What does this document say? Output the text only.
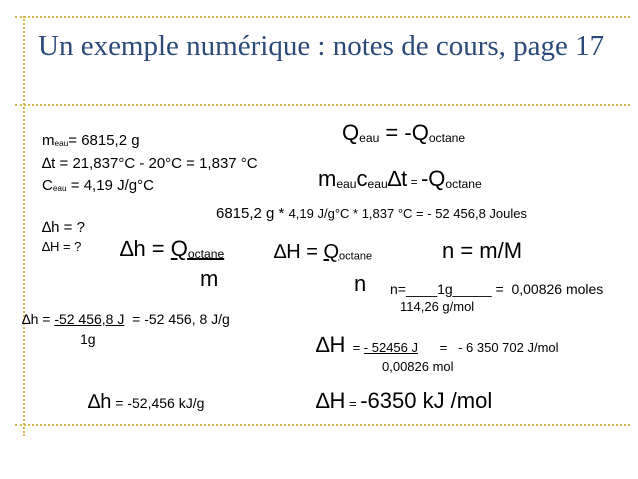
Un exemple numérique : notes de cours, page 17
meau= 6815,2 g
∆t = 21,837°C - 20°C = 1,837 °C
Ceau = 4,19 J/g°C
∆h = ?
∆H = ?
Qeau = -Qoctane
meauceau∆t = -Qoctane
6815,2 g * 4,19 J/g°C * 1,837 °C = - 52 456,8 Joules
∆h = Qoctane
m
∆H = Qoctane
n
n = m/M
n=____1g_____ =  0,00826 moles
114,26 g/mol
∆h = -52 456,8 J  = -52 456, 8 J/g
1g	∆H  = - 52456 J      =   - 6 350 702 J/mol
0,00826 mol
∆h = -52,456 kJ/g	∆H = -6350 kJ /mol
